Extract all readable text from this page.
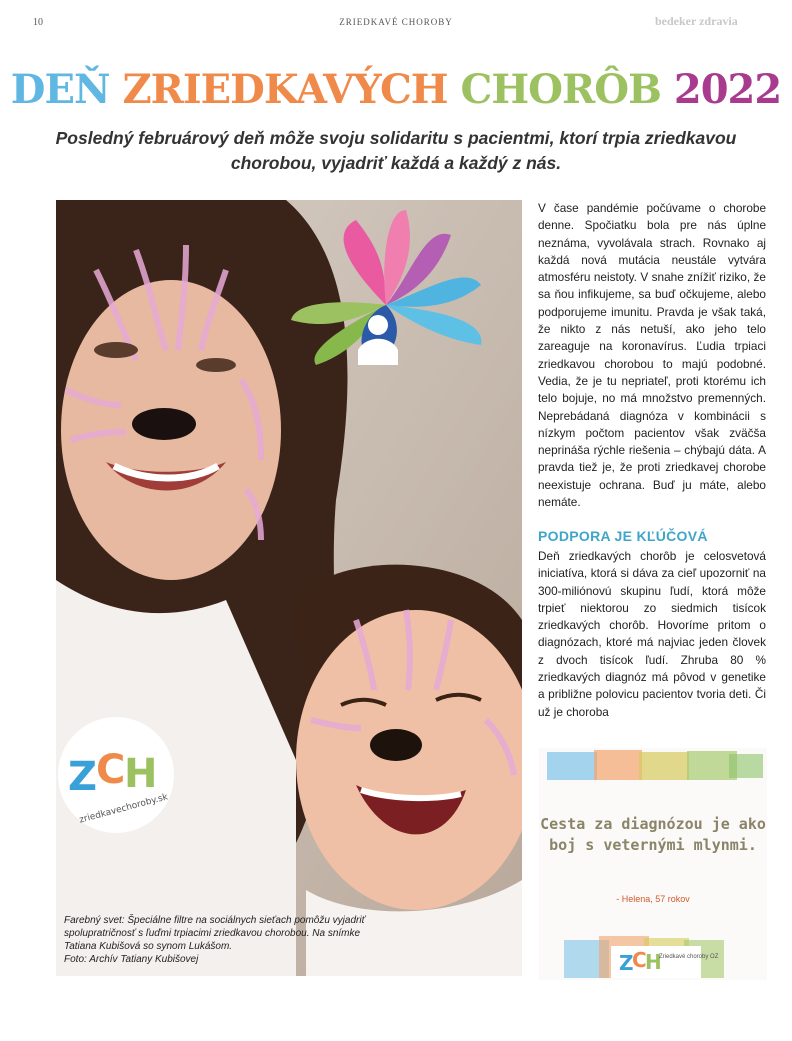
10	ZRIEDKAVÉ CHOROBY	bedeker zdravia
DEŇ ZRIEDKAVÝCH CHORÔB 2022
Posledný februárový deň môže svoju solidaritu s pacientmi, ktorí trpia zriedkavou chorobou, vyjadriť každá a každý z nás.
Z
C
H
zriedkavechoroby.sk
Farebný svet: Špeciálne filtre na sociálnych sieťach pomôžu vyjadriť spolupratričnosť s ľuďmi trpiacimi zriedkavou chorobou. Na snímke Tatiana Kubišová so synom Lukášom.
Foto: Archív Tatiany Kubišovej
V čase pandémie počúvame o chorobe denne. Spočiatku bola pre nás úplne neznáma, vyvolávala strach. Rovnako aj každá nová mutácia neustále vytvára atmosféru neistoty. V snahe znížiť riziko, že sa ňou infikujeme, sa buď očkujeme, alebo podporujeme imunitu. Pravda je však taká, že nikto z nás netuší, ako jeho telo zareaguje na koronavírus. Ľudia trpiaci zriedkavou chorobou to majú podobné. Vedia, že je tu nepriateľ, proti ktorému ich telo bojuje, no má množstvo premenných. Neprebádaná diagnóza v kombinácii s nízkym počtom pacientov však zväčša neprináša rýchle riešenia – chýbajú dáta. A pravda tiež je, že proti zriedkavej chorobe neexistuje ochrana. Buď ju máte, alebo nemáte.
PODPORA JE KĽÚČOVÁ
Deň zriedkavých chorôb je celosvetová iniciatíva, ktorá si dáva za cieľ upozorniť na 300-miliónovú skupinu ľudí, ktorá môže trpieť niektorou zo siedmich tisícok zriedkavých chorôb. Hovoríme pritom o diagnózach, ktoré má najviac jeden človek z dvoch tisícok ľudí. Zhruba 80 % zriedkavých diagnóz má pôvod v genetike a približne polovicu pacientov tvoria deti. Či už je choroba
Z
C
H
Cesta za diagnózou je ako boj s veternými mlynmi.
- Helena, 57 rokov
Zriedkavé choroby OZ
